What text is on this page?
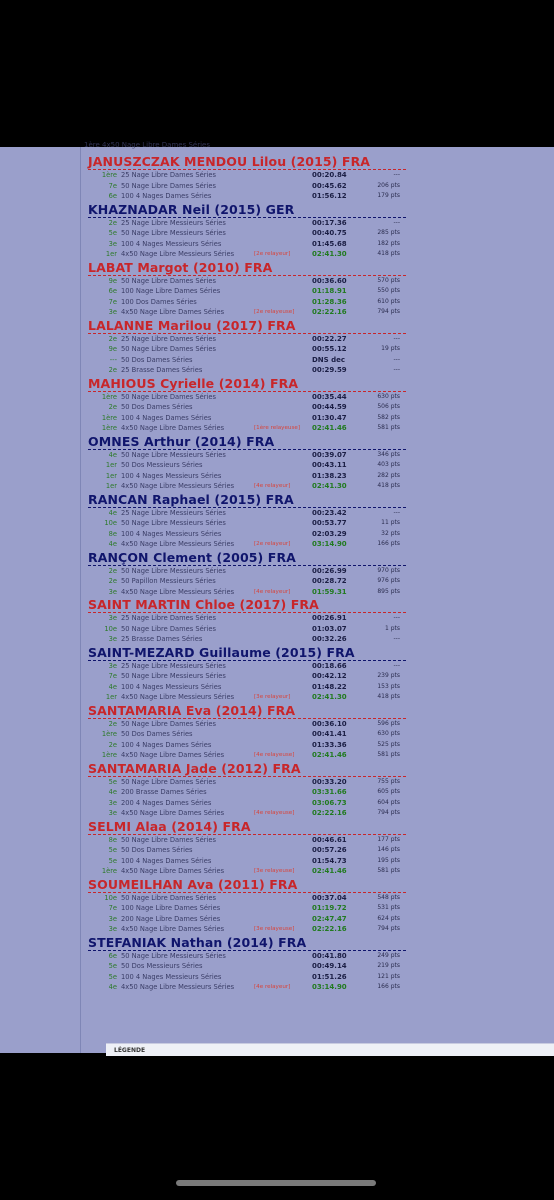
1ère 4x50 Nage Libre Dames Séries
JANUSZCZAK MENDOU Lilou (2015) FRA
1ère 25 Nage Libre Dames Séries	00:20.84	---
7e 50 Nage Libre Dames Séries	00:45.62	206 pts
6e 100 4 Nages Dames Séries	01:56.12	179 pts
KHAZNADAR Neil (2015) GER
2e 25 Nage Libre Messieurs Séries	00:17.36	---
5e 50 Nage Libre Messieurs Séries	00:40.75	285 pts
3e 100 4 Nages Messieurs Séries	01:45.68	182 pts
1er 4x50 Nage Libre Messieurs Séries	[2e relayeur]	02:41.30	418 pts
LABAT Margot (2010) FRA
9e 50 Nage Libre Dames Séries	00:36.60	570 pts
6e 100 Nage Libre Dames Séries	01:18.91	550 pts
7e 100 Dos Dames Séries	01:28.36	610 pts
3e 4x50 Nage Libre Dames Séries	[2e relayeuse]	02:22.16	794 pts
LALANNE Marilou (2017) FRA
2e 25 Nage Libre Dames Séries	00:22.27	---
9e 50 Nage Libre Dames Séries	00:55.12	19 pts
--- 50 Dos Dames Séries	DNS dec	---
2e 25 Brasse Dames Séries	00:29.59	---
MAHIOUS Cyrielle (2014) FRA
1ère 50 Nage Libre Dames Séries	00:35.44	630 pts
2e 50 Dos Dames Séries	00:44.59	506 pts
1ère 100 4 Nages Dames Séries	01:30.47	582 pts
1ère 4x50 Nage Libre Dames Séries	[1ère relayeuse] 02:41.46	581 pts
OMNES Arthur (2014) FRA
4e 50 Nage Libre Messieurs Séries	00:39.07	346 pts
1er 50 Dos Messieurs Séries	00:43.11	403 pts
1er 100 4 Nages Messieurs Séries	01:38.23	282 pts
1er 4x50 Nage Libre Messieurs Séries	[4e relayeur]	02:41.30	418 pts
RANCAN Raphael (2015) FRA
4e 25 Nage Libre Messieurs Séries	00:23.42	---
10e 50 Nage Libre Messieurs Séries	00:53.77	11 pts
8e 100 4 Nages Messieurs Séries	02:03.29	32 pts
4e 4x50 Nage Libre Messieurs Séries	[2e relayeur]	03:14.90	166 pts
RANÇON Clement (2005) FRA
2e 50 Nage Libre Messieurs Séries	00:26.99	970 pts
2e 50 Papillon Messieurs Séries	00:28.72	976 pts
3e 4x50 Nage Libre Messieurs Séries	[4e relayeur]	01:59.31	895 pts
SAINT MARTIN Chloe (2017) FRA
3e 25 Nage Libre Dames Séries	00:26.91	---
10e 50 Nage Libre Dames Séries	01:03.07	1 pts
3e 25 Brasse Dames Séries	00:32.26	---
SAINT-MEZARD Guillaume (2015) FRA
3e 25 Nage Libre Messieurs Séries	00:18.66	---
7e 50 Nage Libre Messieurs Séries	00:42.12	239 pts
4e 100 4 Nages Messieurs Séries	01:48.22	153 pts
1er 4x50 Nage Libre Messieurs Séries	[3e relayeur]	02:41.30	418 pts
SANTAMARIA Eva (2014) FRA
2e 50 Nage Libre Dames Séries	00:36.10	596 pts
1ère 50 Dos Dames Séries	00:41.41	630 pts
2e 100 4 Nages Dames Séries	01:33.36	525 pts
1ère 4x50 Nage Libre Dames Séries	[4e relayeuse]	02:41.46	581 pts
SANTAMARIA Jade (2012) FRA
5e 50 Nage Libre Dames Séries	00:33.20	755 pts
4e 200 Brasse Dames Séries	03:31.66	605 pts
3e 200 4 Nages Dames Séries	03:06.73	604 pts
3e 4x50 Nage Libre Dames Séries	[4e relayeuse]	02:22.16	794 pts
SELMI Alaa (2014) FRA
8e 50 Nage Libre Dames Séries	00:46.61	177 pts
5e 50 Dos Dames Séries	00:57.26	146 pts
5e 100 4 Nages Dames Séries	01:54.73	195 pts
1ère 4x50 Nage Libre Dames Séries	[3e relayeuse]	02:41.46	581 pts
SOUMEILHAN Ava (2011) FRA
10e 50 Nage Libre Dames Séries	00:37.04	548 pts
7e 100 Nage Libre Dames Séries	01:19.72	531 pts
3e 200 Nage Libre Dames Séries	02:47.47	624 pts
3e 4x50 Nage Libre Dames Séries	[3e relayeuse]	02:22.16	794 pts
STEFANIAK Nathan (2014) FRA
6e 50 Nage Libre Messieurs Séries	00:41.80	249 pts
5e 50 Dos Messieurs Séries	00:49.14	219 pts
5e 100 4 Nages Messieurs Séries	01:51.26	121 pts
4e 4x50 Nage Libre Messieurs Séries	[4e relayeur]	03:14.90	166 pts
LÉGENDE
